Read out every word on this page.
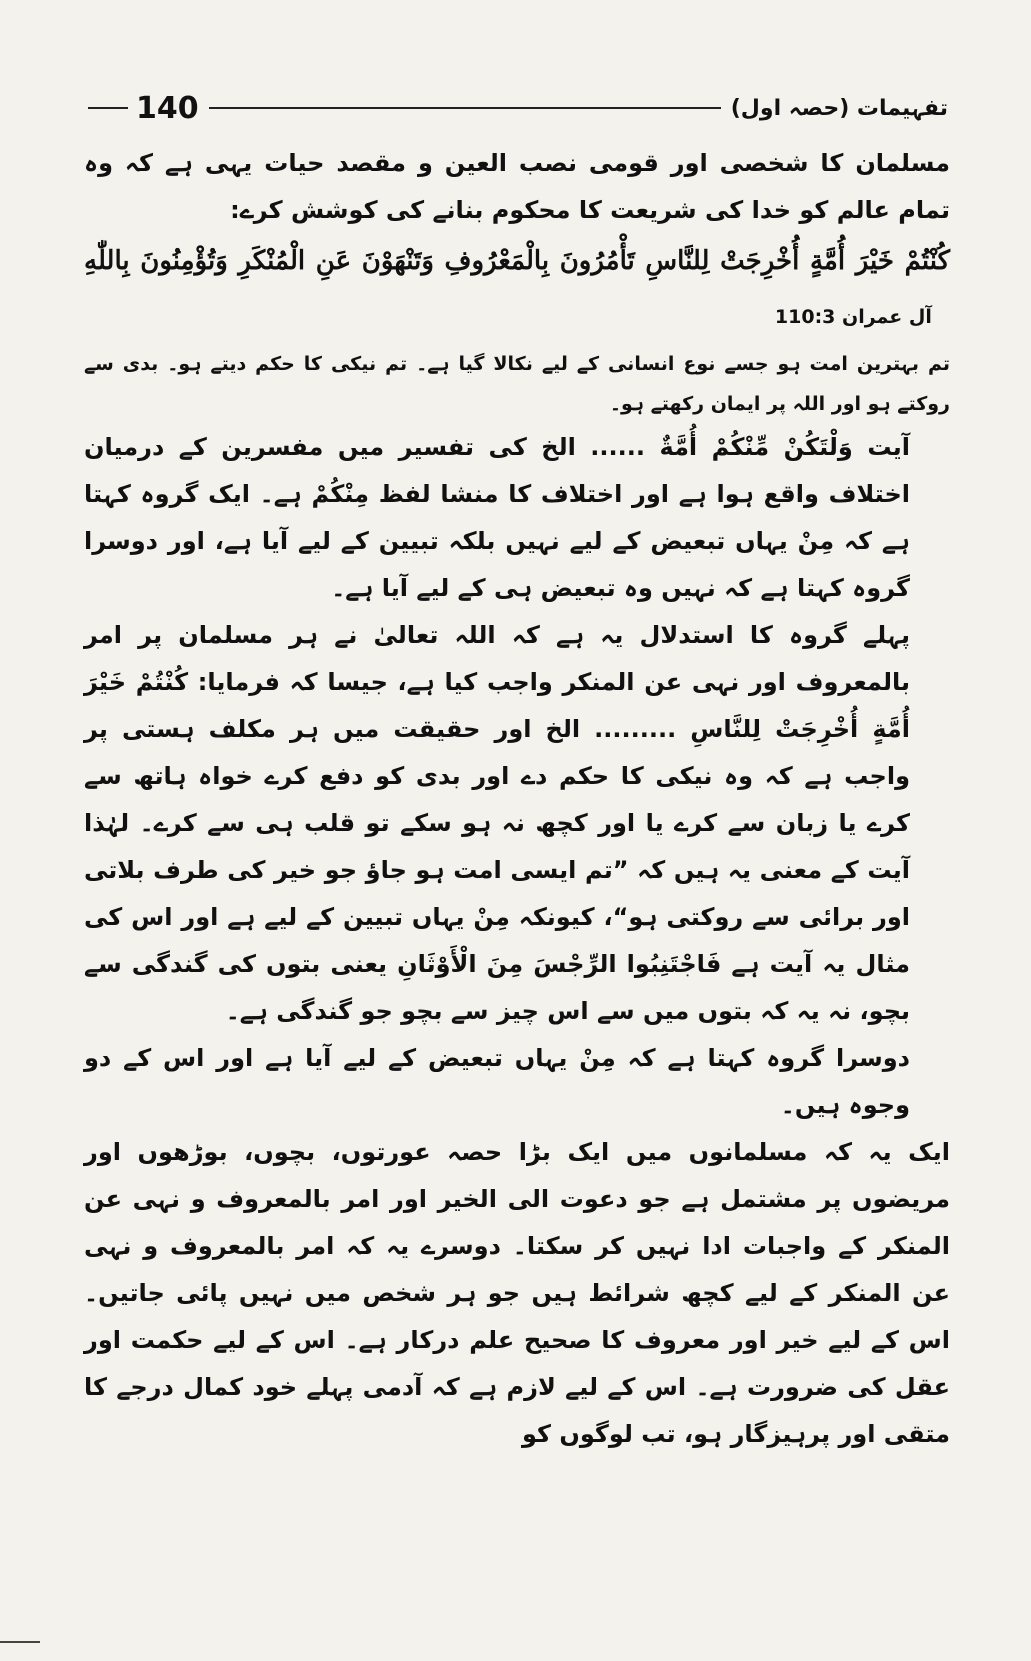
140	تفہیمات (حصہ اول)

مسلمان کا شخصی اور قومی نصب العین و مقصد حیات یہی ہے کہ وہ تمام عالم کو خدا کی شریعت کا محکوم بنانے کی کوشش کرے:

كُنْتُمْ خَيْرَ أُمَّةٍ أُخْرِجَتْ لِلنَّاسِ تَأْمُرُونَ بِالْمَعْرُوفِ وَتَنْهَوْنَ عَنِ الْمُنْكَرِ وَتُؤْمِنُونَ بِاللّٰهِ   آل عمران 110:3

تم بہترین امت ہو جسے نوع انسانی کے لیے نکالا گیا ہے۔ تم نیکی کا حکم دیتے ہو۔ بدی سے روکتے ہو اور اللہ پر ایمان رکھتے ہو۔

آیت وَلْتَكُنْ مِّنْكُمْ أُمَّةٌ ...... الخ کی تفسیر میں مفسرین کے درمیان اختلاف واقع ہوا ہے اور اختلاف کا منشا لفظ مِنْكُمْ ہے۔ ایک گروہ کہتا ہے کہ مِنْ یہاں تبعیض کے لیے نہیں بلکہ تبیین کے لیے آیا ہے، اور دوسرا گروہ کہتا ہے کہ نہیں وہ تبعیض ہی کے لیے آیا ہے۔

پہلے گروہ کا استدلال یہ ہے کہ اللہ تعالیٰ نے ہر مسلمان پر امر بالمعروف اور نہی عن المنکر واجب کیا ہے، جیسا کہ فرمایا: كُنْتُمْ خَيْرَ أُمَّةٍ أُخْرِجَتْ لِلنَّاسِ ......... الخ اور حقیقت میں ہر مکلف ہستی پر واجب ہے کہ وہ نیکی کا حکم دے اور بدی کو دفع کرے خواہ ہاتھ سے کرے یا زبان سے کرے یا اور کچھ نہ ہو سکے تو قلب ہی سے کرے۔ لہٰذا آیت کے معنی یہ ہیں کہ ”تم ایسی امت ہو جاؤ جو خیر کی طرف بلاتی اور برائی سے روکتی ہو“، کیونکہ مِنْ یہاں تبیین کے لیے ہے اور اس کی مثال یہ آیت ہے فَاجْتَنِبُوا الرِّجْسَ مِنَ الْأَوْثَانِ یعنی بتوں کی گندگی سے بچو، نہ یہ کہ بتوں میں سے اس چیز سے بچو جو گندگی ہے۔

دوسرا گروہ کہتا ہے کہ مِنْ یہاں تبعیض کے لیے آیا ہے اور اس کے دو وجوہ ہیں۔

ایک یہ کہ مسلمانوں میں ایک بڑا حصہ عورتوں، بچوں، بوڑھوں اور مریضوں پر مشتمل ہے جو دعوت الی الخیر اور امر بالمعروف و نہی عن المنکر کے واجبات ادا نہیں کر سکتا۔ دوسرے یہ کہ امر بالمعروف و نہی عن المنکر کے لیے کچھ شرائط ہیں جو ہر شخص میں نہیں پائی جاتیں۔ اس کے لیے خیر اور معروف کا صحیح علم درکار ہے۔ اس کے لیے حکمت اور عقل کی ضرورت ہے۔ اس کے لیے لازم ہے کہ آدمی پہلے خود کمال درجے کا متقی اور پرہیزگار ہو، تب لوگوں کو
